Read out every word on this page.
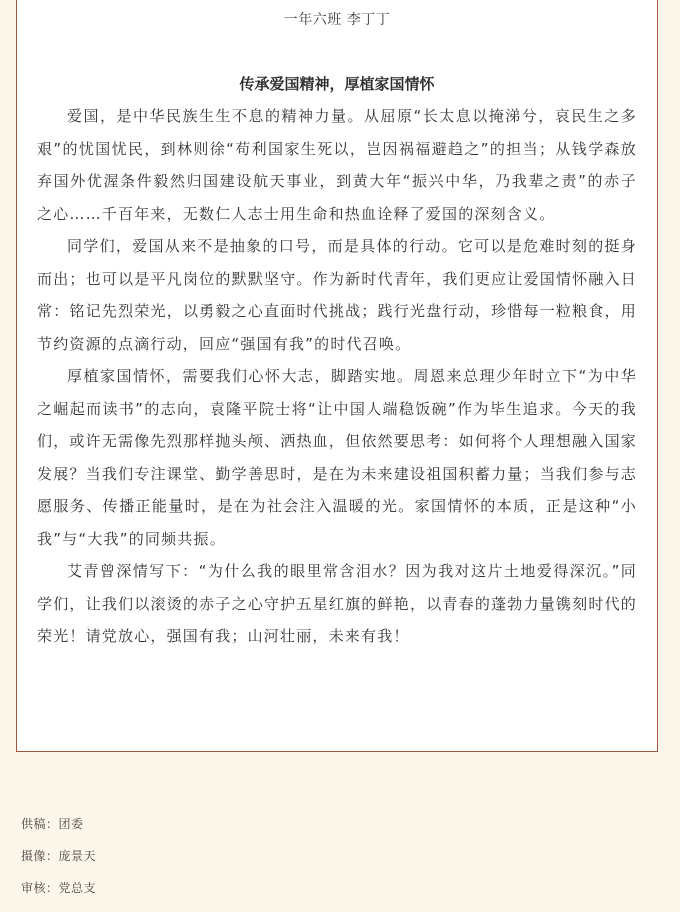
一年六班 李丁丁
传承爱国精神，厚植家国情怀

爱国，是中华民族生生不息的精神力量。从屈原“长太息以掩涕兮，哀民生之多艰”的忧国忧民，到林则徐“苟利国家生死以，岂因祸福避趋之”的担当；从钱学森放弃国外优渥条件毅然归国建设航天事业，到黄大年“振兴中华，乃我辈之责”的赤子之心……千百年来，无数仁人志士用生命和热血诠释了爱国的深刻含义。

同学们，爱国从来不是抽象的口号，而是具体的行动。它可以是危难时刻的挺身而出；也可以是平凡岗位的默默坚守。作为新时代青年，我们更应让爱国情怀融入日常：铭记先烈荣光，以勇毅之心直面时代挑战；践行光盘行动，珍惜每一粒粮食，用节约资源的点滴行动，回应“强国有我”的时代召唤。

厚植家国情怀，需要我们心怀大志，脚踏实地。周恩来总理少年时立下“为中华之崛起而读书”的志向，袁隆平院士将“让中国人端稳饭碗”作为毕生追求。今天的我们，或许无需像先烈那样抛头颅、洒热血，但依然要思考：如何将个人理想融入国家发展？当我们专注课堂、勤学善思时，是在为未来建设祖国积蓄力量；当我们参与志愿服务、传播正能量时，是在为社会注入温暖的光。家国情怀的本质，正是这种“小我”与“大我”的同频共振。

艾青曾深情写下：“为什么我的眼里常含泪水？因为我对这片土地爱得深沉。”同学们，让我们以滚烫的赤子之心守护五星红旗的鲜艳，以青春的蓬勃力量镌刻时代的荣光！请党放心，强国有我；山河壮丽，未来有我！

供稿：团委
摄像：庞景天
审核：党总支
